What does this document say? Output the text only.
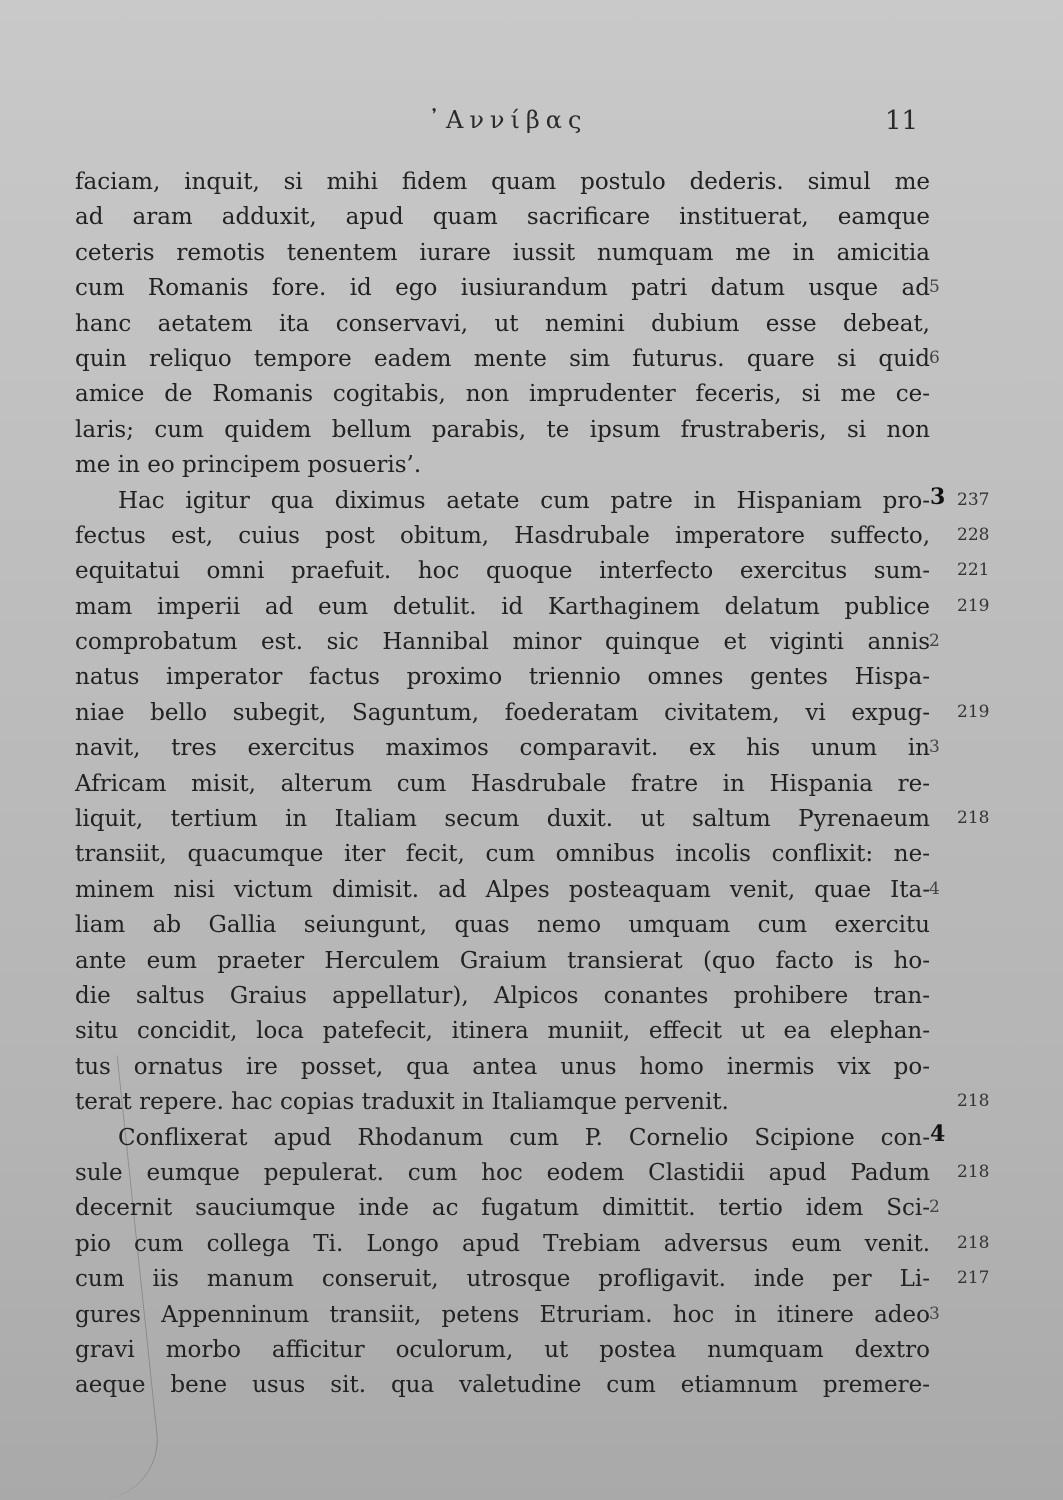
᾿Αννίβας	11
faciam, inquit, si mihi fidem quam postulo dederis. simul me
ad aram adduxit, apud quam sacrificare instituerat, eamque
ceteris remotis tenentem iurare iussit numquam me in amicitia
cum Romanis fore. id ego iusiurandum patri datum usque ad 5
hanc aetatem ita conservavi, ut nemini dubium esse debeat,
quin reliquo tempore eadem mente sim futurus. quare si quid 6
amice de Romanis cogitabis, non imprudenter feceris, si me ce-
laris; cum quidem bellum parabis, te ipsum frustraberis, si non
me in eo principem posueris’.
Hac igitur qua diximus aetate cum patre in Hispaniam pro- 3 237
fectus est, cuius post obitum, Hasdrubale imperatore suffecto, 228
equitatui omni praefuit. hoc quoque interfecto exercitus sum- 221
mam imperii ad eum detulit. id Karthaginem delatum publice 219
comprobatum est. sic Hannibal minor quinque et viginti annis 2
natus imperator factus proximo triennio omnes gentes Hispa-
niae bello subegit, Saguntum, foederatam civitatem, vi expug- 219
navit, tres exercitus maximos comparavit. ex his unum in 3
Africam misit, alterum cum Hasdrubale fratre in Hispania re-
liquit, tertium in Italiam secum duxit. ut saltum Pyrenaeum 218
transiit, quacumque iter fecit, cum omnibus incolis conflixit: ne-
minem nisi victum dimisit. ad Alpes posteaquam venit, quae Ita- 4
liam ab Gallia seiungunt, quas nemo umquam cum exercitu
ante eum praeter Herculem Graium transierat (quo facto is ho-
die saltus Graius appellatur), Alpicos conantes prohibere tran-
situ concidit, loca patefecit, itinera muniit, effecit ut ea elephan-
tus ornatus ire posset, qua antea unus homo inermis vix po-
terat repere. hac copias traduxit in Italiamque pervenit.	218
Conflixerat apud Rhodanum cum P. Cornelio Scipione con- 4
sule eumque pepulerat. cum hoc eodem Clastidii apud Padum 218
decernit sauciumque inde ac fugatum dimittit. tertio idem Sci- 2
pio cum collega Ti. Longo apud Trebiam adversus eum venit. 218
cum iis manum conseruit, utrosque profligavit. inde per Li- 217
gures Appenninum transiit, petens Etruriam. hoc in itinere adeo 3
gravi morbo afficitur oculorum, ut postea numquam dextro
aeque bene usus sit. qua valetudine cum etiamnum premere-
